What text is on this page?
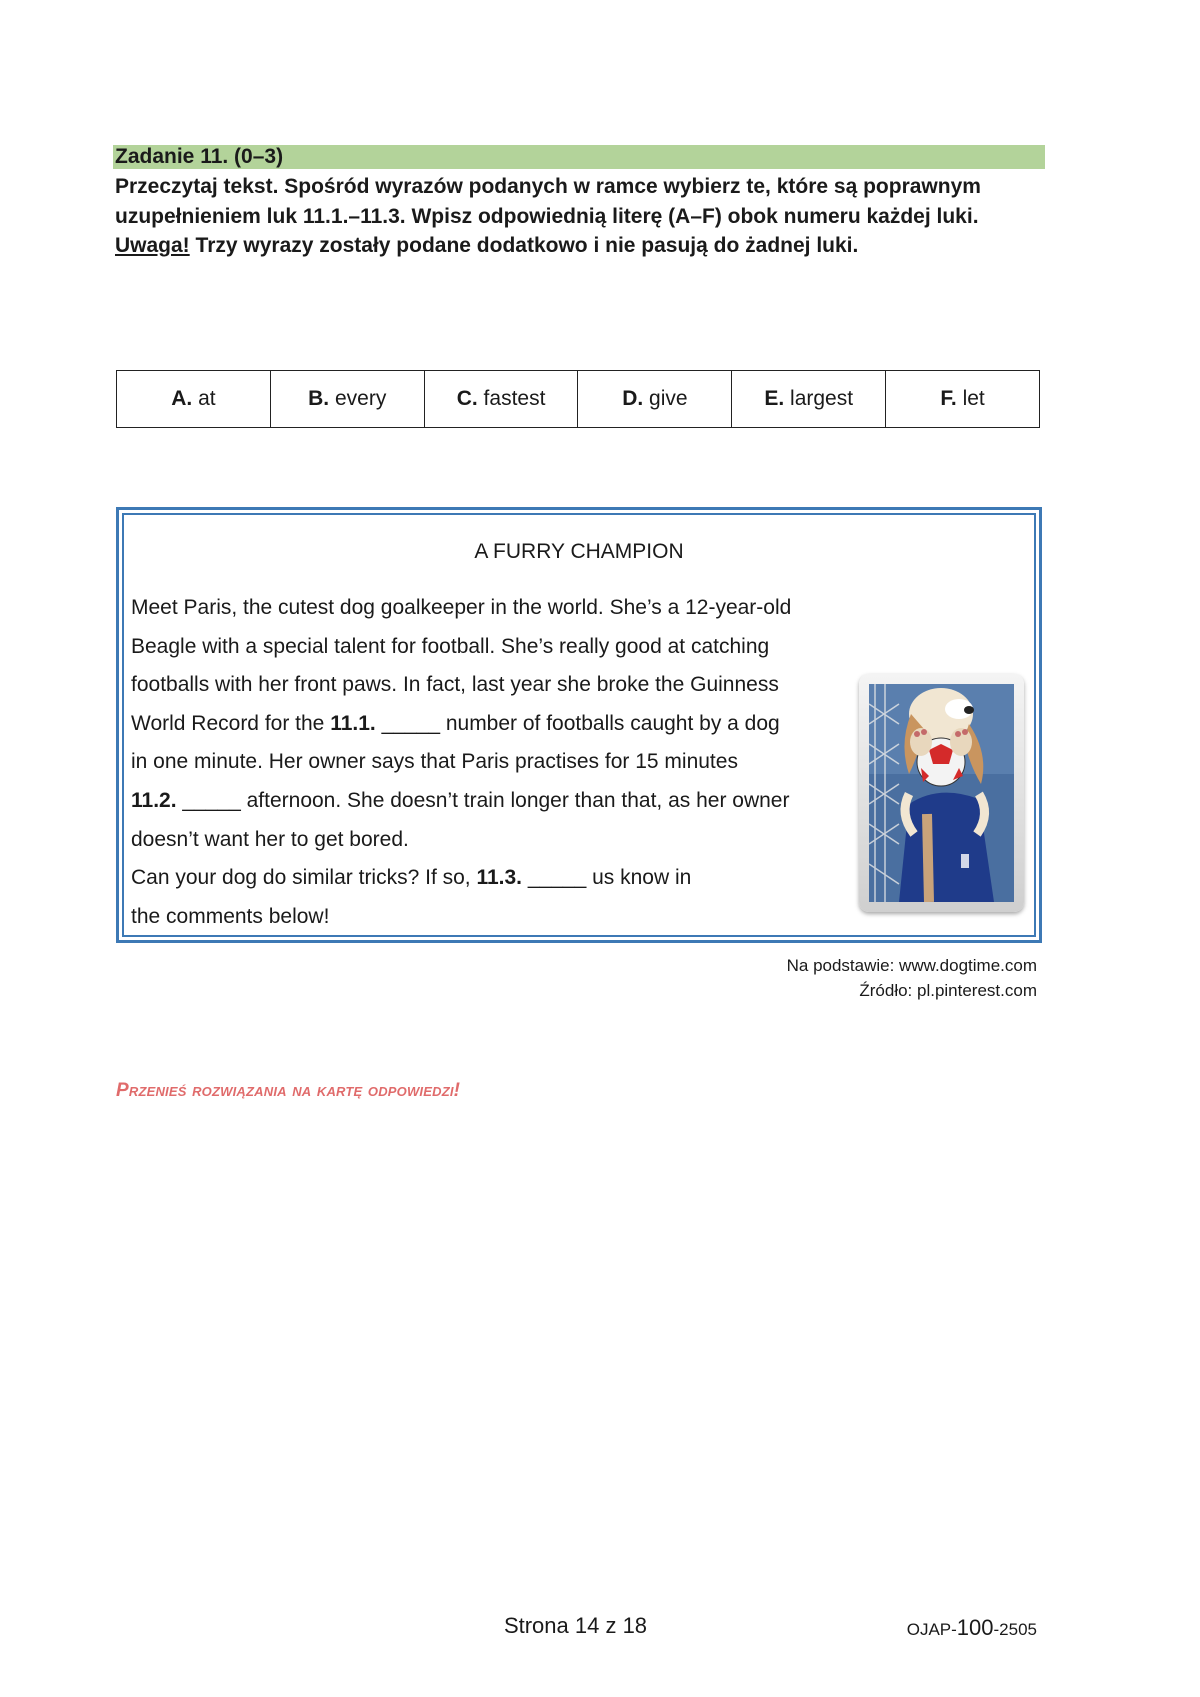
Zadanie 11. (0–3)

Przeczytaj tekst. Spośród wyrazów podanych w ramce wybierz te, które są poprawnym uzupełnieniem luk 11.1.–11.3. Wpisz odpowiednią literę (A–F) obok numeru każdej luki.

Uwaga! Trzy wyrazy zostały podane dodatkowo i nie pasują do żadnej luki.

A. at	B. every	C. fastest	D. give	E. largest	F. let
A FURRY CHAMPION
Meet Paris, the cutest dog goalkeeper in the world. She’s a 12-year-old
Beagle with a special talent for football. She’s really good at catching
footballs with her front paws. In fact, last year she broke the Guinness
World Record for the 11.1. _____ number of footballs caught by a dog
in one minute. Her owner says that Paris practises for 15 minutes
11.2. _____ afternoon. She doesn’t train longer than that, as her owner
doesn’t want her to get bored.
Can your dog do similar tricks? If so, 11.3. _____ us know in
the comments below!
Na podstawie: www.dogtime.com
Źródło: pl.pinterest.com
Przenieś rozwiązania na kartę odpowiedzi!
Strona 14 z 18	OJAP-100-2505
